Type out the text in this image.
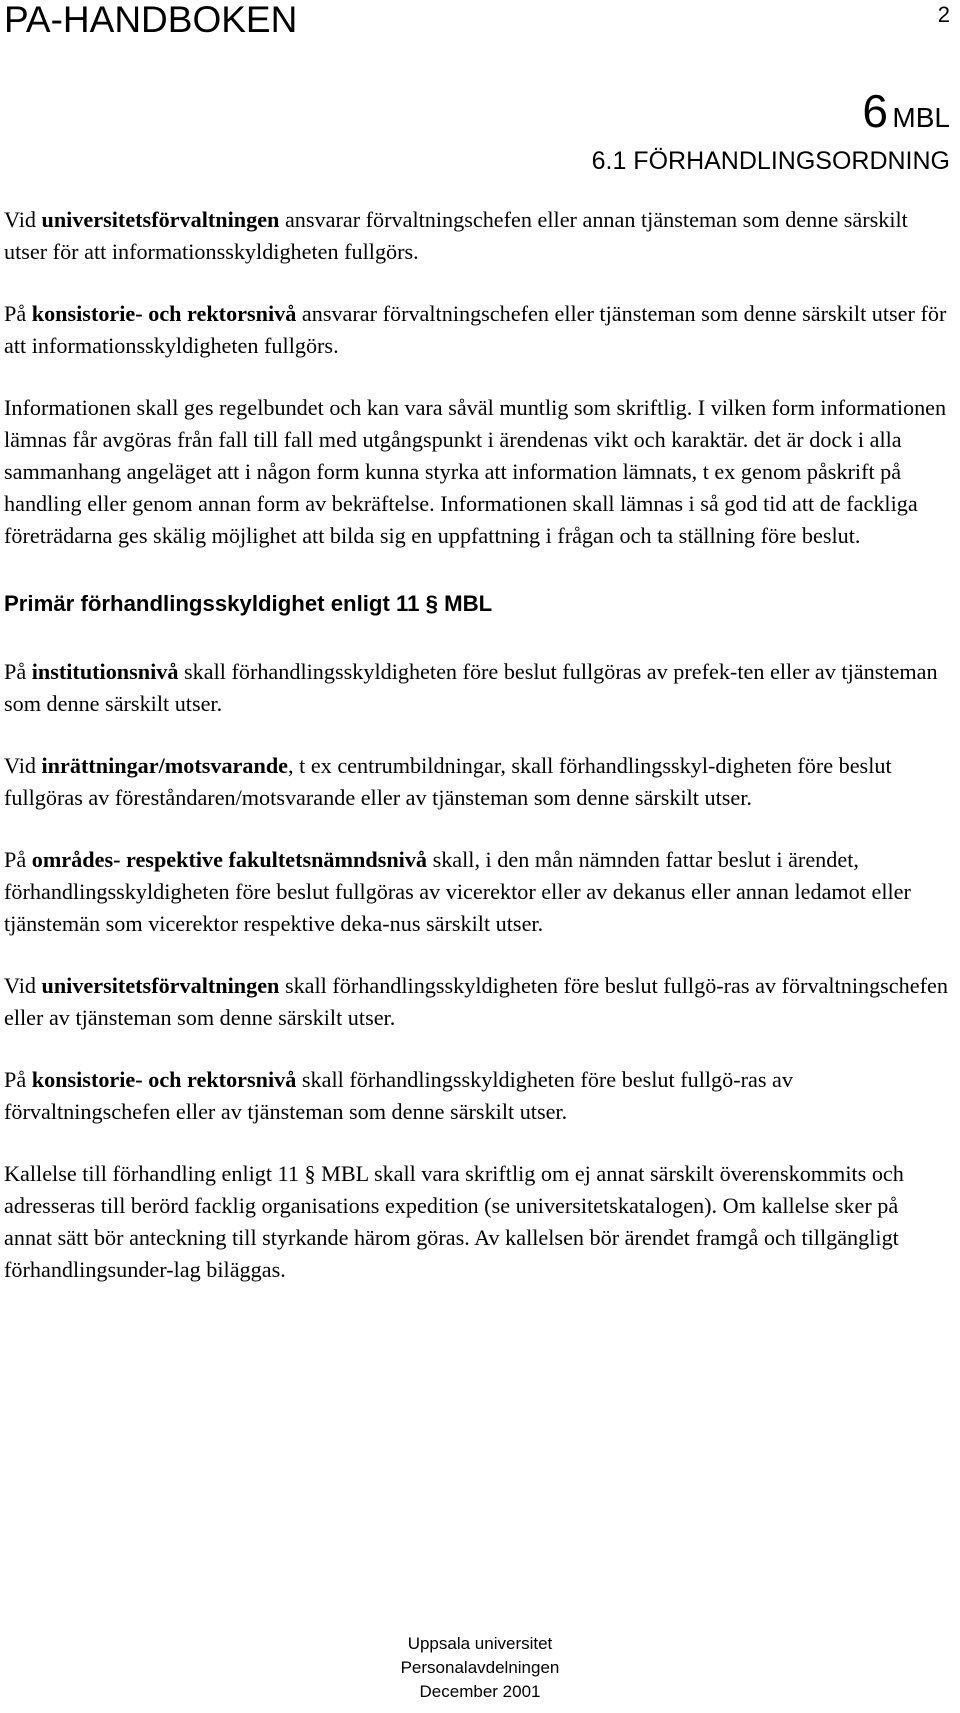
PA-HANDBOKEN	2
6 MBL
6.1 FÖRHANDLINGSORDNING

Vid universitetsförvaltningen ansvarar förvaltningschefen eller annan tjänsteman som denne särskilt utser för att informationsskyldigheten fullgörs.

På konsistorie- och rektorsnivå ansvarar förvaltningschefen eller tjänsteman som denne särskilt utser för att informationsskyldigheten fullgörs.

Informationen skall ges regelbundet och kan vara såväl muntlig som skriftlig. I vilken form informationen lämnas får avgöras från fall till fall med utgångspunkt i ärendenas vikt och karaktär. det är dock i alla sammanhang angeläget att i någon form kunna styrka att information lämnats, t ex genom påskrift på handling eller genom annan form av bekräftelse. Informationen skall lämnas i så god tid att de fackliga företrädarna ges skälig möjlighet att bilda sig en uppfattning i frågan och ta ställning före beslut.

Primär förhandlingsskyldighet enligt 11 § MBL

På institutionsnivå skall förhandlingsskyldigheten före beslut fullgöras av prefek-ten eller av tjänsteman som denne särskilt utser.

Vid inrättningar/motsvarande, t ex centrumbildningar, skall förhandlingsskyl-digheten före beslut fullgöras av föreståndaren/motsvarande eller av tjänsteman som denne särskilt utser.

På områdes- respektive fakultetsnämndsnivå skall, i den mån nämnden fattar beslut i ärendet, förhandlingsskyldigheten före beslut fullgöras av vicerektor eller av dekanus eller annan ledamot eller tjänstemän som vicerektor respektive deka-nus särskilt utser.

Vid universitetsförvaltningen skall förhandlingsskyldigheten före beslut fullgö-ras av förvaltningschefen eller av tjänsteman som denne särskilt utser.

På konsistorie- och rektorsnivå skall förhandlingsskyldigheten före beslut fullgö-ras av förvaltningschefen eller av tjänsteman som denne särskilt utser.

Kallelse till förhandling enligt 11 § MBL skall vara skriftlig om ej annat särskilt överenskommits och adresseras till berörd facklig organisations expedition (se universitetskatalogen). Om kallelse sker på annat sätt bör anteckning till styrkande härom göras. Av kallelsen bör ärendet framgå och tillgängligt förhandlingsunder-lag biläggas.

Uppsala universitet
Personalavdelningen
December 2001
